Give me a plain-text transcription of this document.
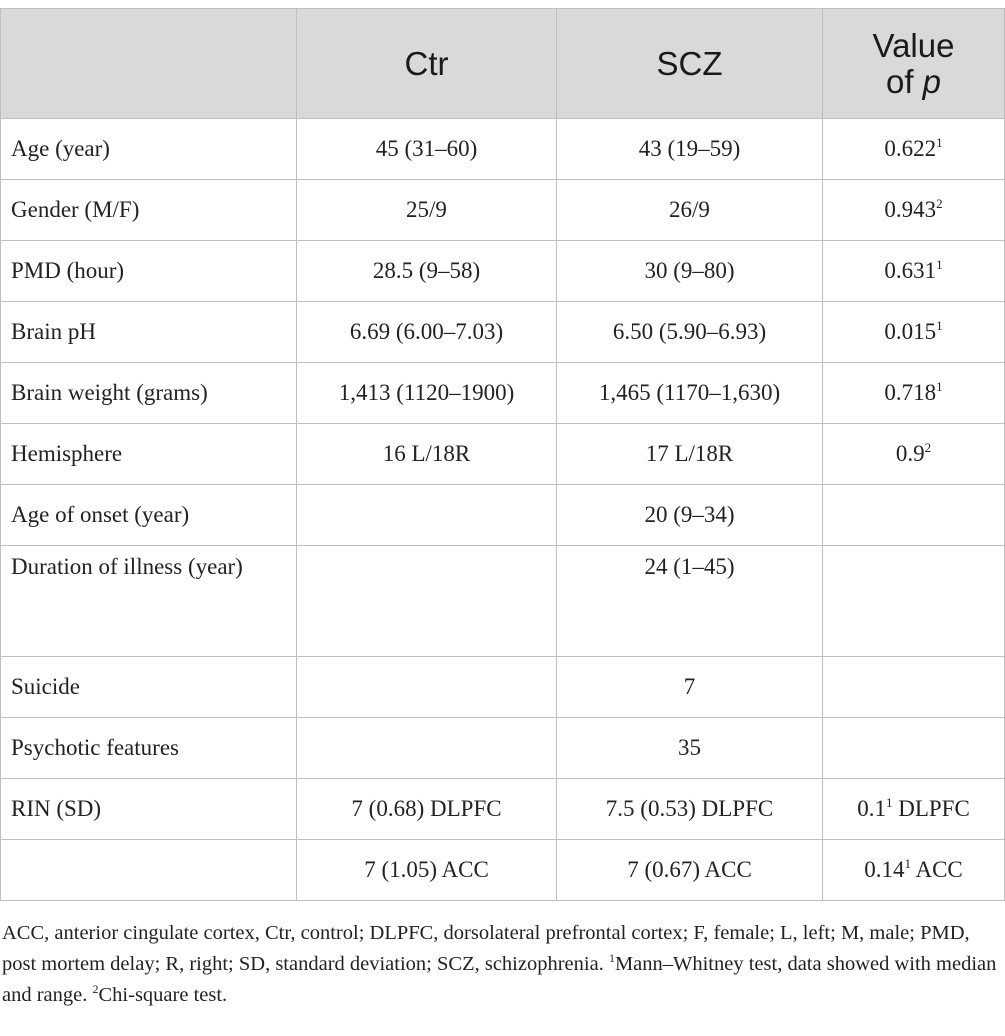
	Ctr	SCZ	Value
of p
Age (year)	45 (31–60)	43 (19–59)	0.622$^1$
Gender (M/F)	25/9	26/9	0.943$^2$
PMD (hour)	28.5 (9–58)	30 (9–80)	0.631$^1$
Brain pH	6.69 (6.00–7.03)	6.50 (5.90–6.93)	0.015$^1$
Brain weight (grams)	1,413 (1120–1900)	1,465 (1170–1,630)	0.718$^1$
Hemisphere	16 L/18R	17 L/18R	$0.9^2$
Age of onset (year)		20 (9–34)	
Duration of illness (year)		24 (1–45)	
Suicide		7	
Psychotic features		35	
RIN (SD)	7 (0.68) DLPFC	7.5 (0.53) DLPFC	$0.1^1$ DLPFC
	7 (1.05) ACC	7 (0.67) ACC	0.14$^1$ ACC
ACC, anterior cingulate cortex, Ctr, control; DLPFC, dorsolateral prefrontal cortex; F, female; L, left; M, male; PMD, post mortem delay; R, right; SD, standard deviation; SCZ, schizophrenia. $^1$Mann–Whitney test, data showed with median and range. $^2$Chi-square test.
